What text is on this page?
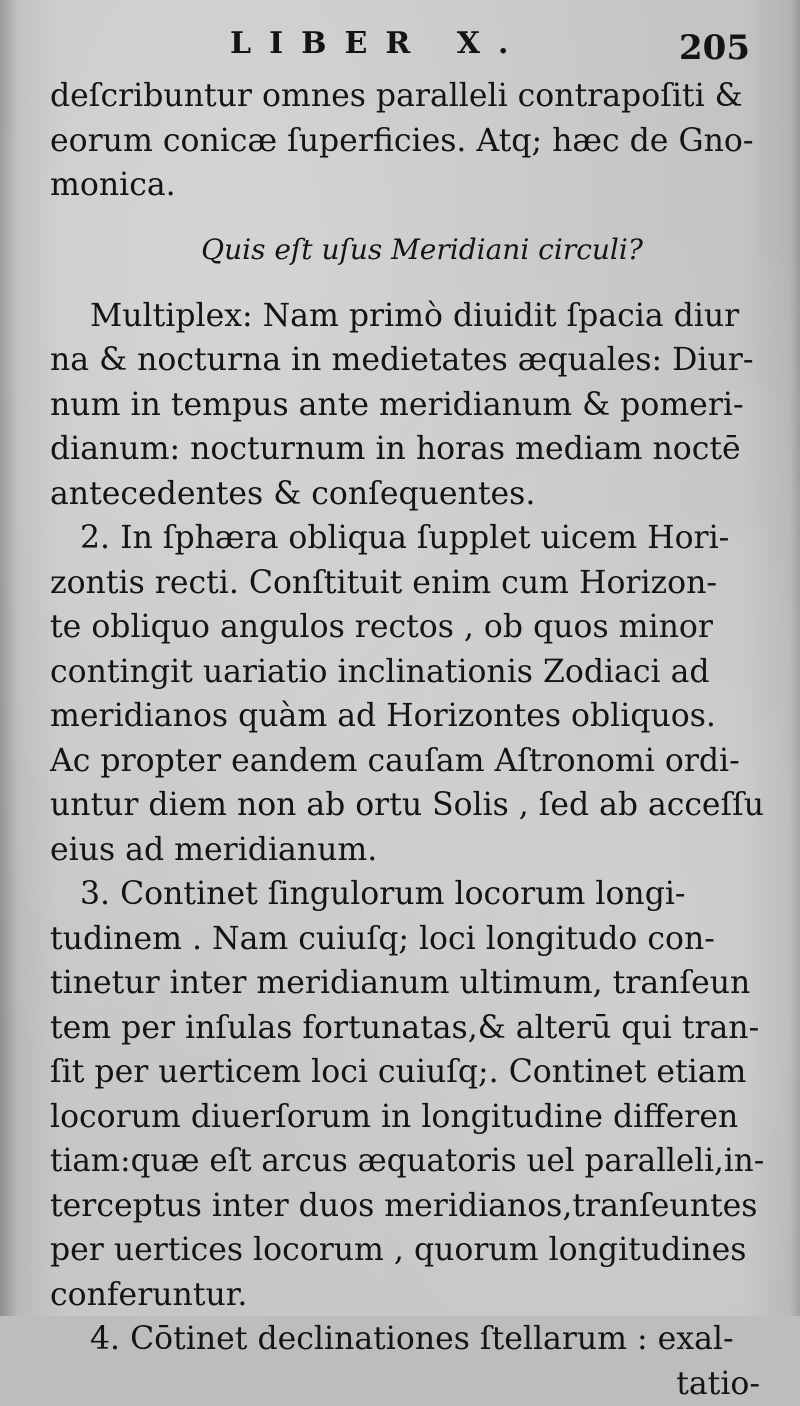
LIBER X.	205
deſcribuntur omnes paralleli contrapoſiti &
eorum conicæ ſuperficies. Atq; hæc de Gno-
monica.
Quis eſt uſus Meridiani circuli?
Multiplex: Nam primò diuidit ſpacia diur
na & nocturna in medietates æquales: Diur-
num in tempus ante meridianum & pomeri-
dianum: nocturnum in horas mediam noctē
antecedentes & conſequentes.
2. In ſphæra obliqua ſupplet uicem Hori-
zontis recti. Conſtituit enim cum Horizon-
te obliquo angulos rectos , ob quos minor
contingit uariatio inclinationis Zodiaci ad
meridianos quàm ad Horizontes obliquos.
Ac propter eandem cauſam Aſtronomi ordi-
untur diem non ab ortu Solis , ſed ab acceſſu
eius ad meridianum.
3. Continet ſingulorum locorum longi-
tudinem . Nam cuiuſq; loci longitudo con-
tinetur inter meridianum ultimum, tranſeun
tem per inſulas fortunatas,& alterū qui tran-
ſit per uerticem loci cuiuſq;. Continet etiam
locorum diuerſorum in longitudine differen
tiam:quæ eſt arcus æquatoris uel paralleli,in-
terceptus inter duos meridianos,tranſeuntes
per uertices locorum , quorum longitudines
conferuntur.
4. Cōtinet declinationes ſtellarum : exal-
tatio-
